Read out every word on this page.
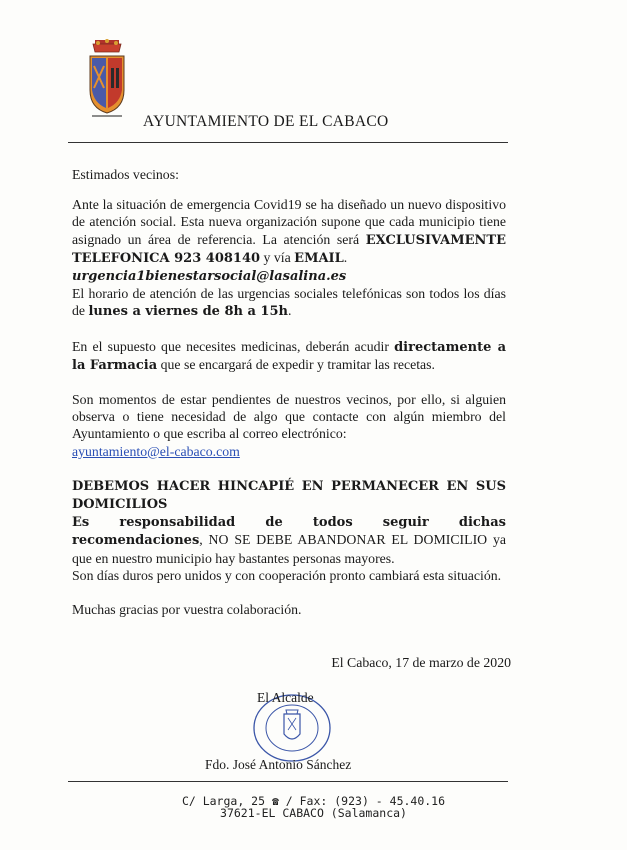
AYUNTAMIENTO DE EL CABACO

Estimados vecinos:

Ante la situación de emergencia Covid19 se ha diseñado un nuevo dispositivo de atención social. Esta nueva organización supone que cada municipio tiene asignado un área de referencia. La atención será EXCLUSIVAMENTE TELEFONICA 923 408140 y vía EMAIL.
urgencia1bienestarsocial@lasalina.es
El horario de atención de las urgencias sociales telefónicas son todos los días de lunes a viernes de 8h a 15h.

En el supuesto que necesites medicinas, deberán acudir directamente a la Farmacia que se encargará de expedir y tramitar las recetas.

Son momentos de estar pendientes de nuestros vecinos, por ello, si alguien observa o tiene necesidad de algo que contacte con algún miembro del Ayuntamiento o que escriba al correo electrónico:
ayuntamiento@el-cabaco.com

DEBEMOS HACER HINCAPIÉ EN PERMANECER EN SUS DOMICILIOS
Es responsabilidad de todos seguir dichas recomendaciones, NO SE DEBE ABANDONAR EL DOMICILIO ya que en nuestro municipio hay bastantes personas mayores.
Son días duros pero unidos y con cooperación pronto cambiará esta situación.

Muchas gracias por vuestra colaboración.

El Cabaco, 17 de marzo de 2020
El Alcalde
Fdo. José Antonio Sánchez
C/ Larga, 25 ☎ / Fax: (923) - 45.40.16
37621-EL CABACO (Salamanca)
